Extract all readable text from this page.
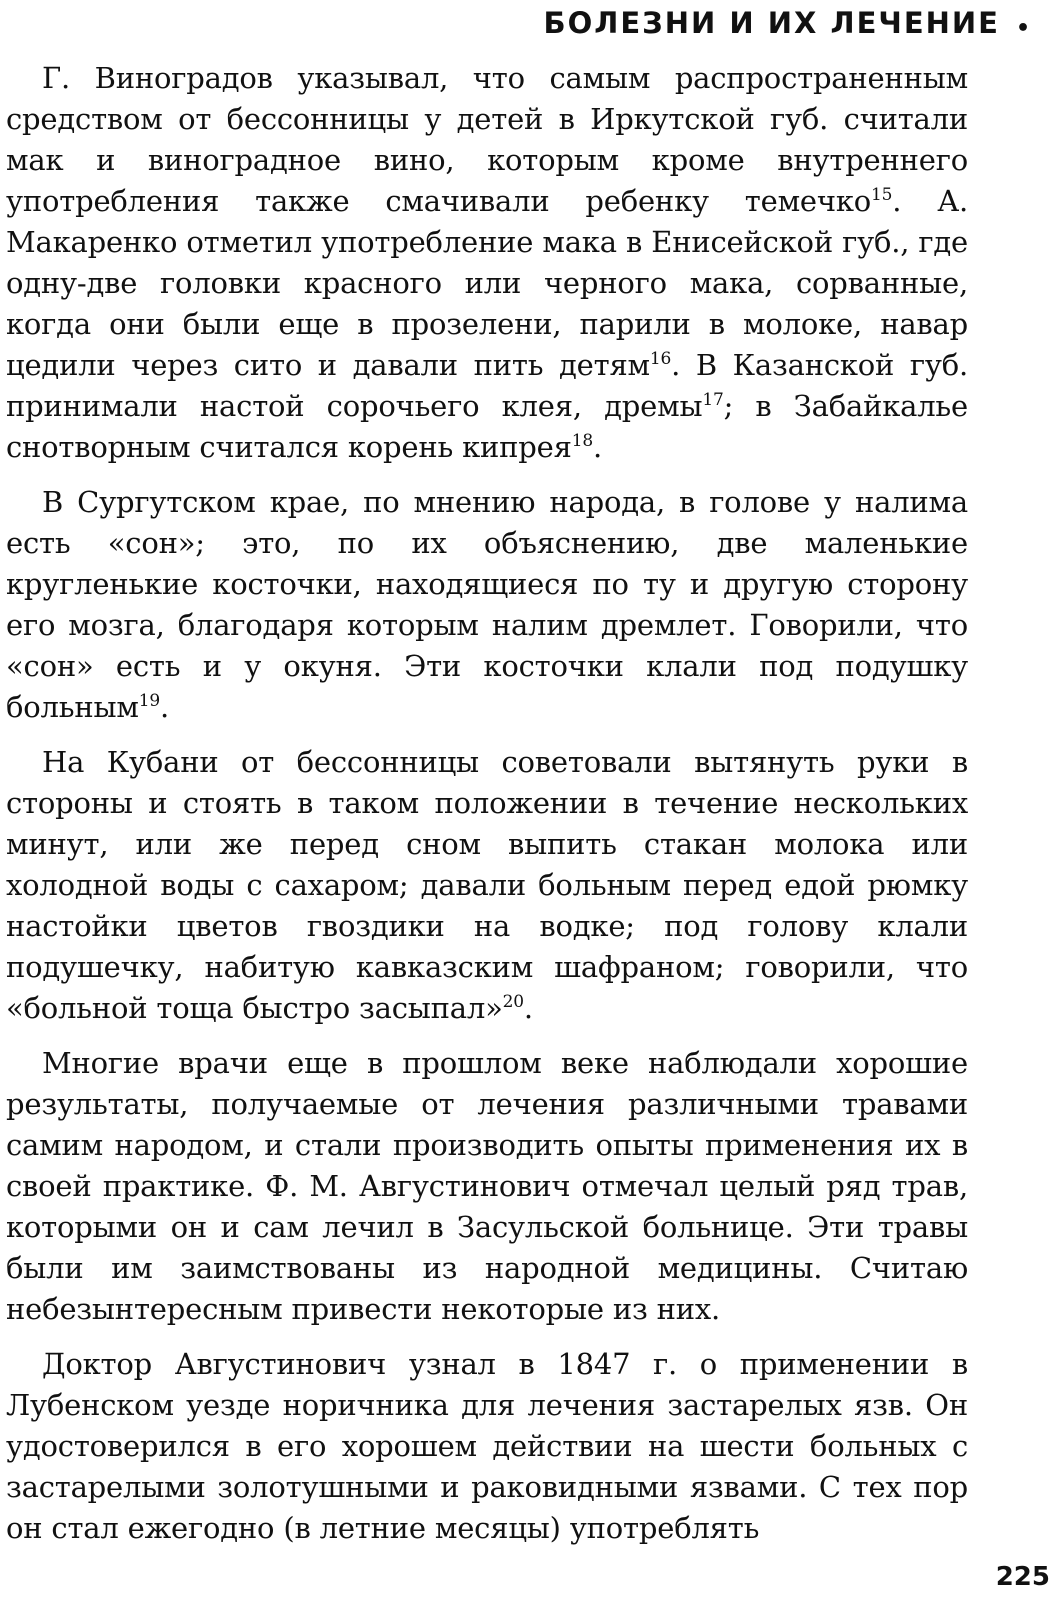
БОЛЕЗНИ И ИХ ЛЕЧЕНИЕ •

Г. Виноградов указывал, что самым распространенным средством от бессонницы у детей в Иркутской губ. считали мак и виноградное вино, которым кроме внутреннего употребления также смачивали ребенку темечко$^{15}$. А. Макаренко отметил употребление мака в Енисейской губ., где одну-две головки красного или черного мака, сорванные, когда они были еще в прозелени, парили в молоке, навар цедили через сито и давали пить детям$^{16}$. В Казанской губ. принимали настой сорочьего клея, дремы$^{17}$; в Забайкалье снотворным считался корень кипрея$^{18}$.

В Сургутском крае, по мнению народа, в голове у налима есть «сон»; это, по их объяснению, две маленькие кругленькие косточки, находящиеся по ту и другую сторону его мозга, благодаря которым налим дремлет. Говорили, что «сон» есть и у окуня. Эти косточки клали под подушку больным$^{19}$.

На Кубани от бессонницы советовали вытянуть руки в стороны и стоять в таком положении в течение нескольких минут, или же перед сном выпить стакан молока или холодной воды с сахаром; давали больным перед едой рюмку настойки цветов гвоздики на водке; под голову клали подушечку, набитую кавказским шафраном; говорили, что «больной тоща быстро засыпал»$^{20}$.

Многие врачи еще в прошлом веке наблюдали хорошие результаты, получаемые от лечения различными травами самим народом, и стали производить опыты применения их в своей практике. Ф. М. Августинович отмечал целый ряд трав, которыми он и сам лечил в Засульской больнице. Эти травы были им заимствованы из народной медицины. Считаю небезынтересным привести некоторые из них.

Доктор Августинович узнал в 1847 г. о применении в Лубенском уезде норичника для лечения застарелых язв. Он удостоверился в его хорошем действии на шести больных с застарелыми золотушными и раковидными язвами. С тех пор он стал ежегодно (в летние месяцы) употреблять

225
